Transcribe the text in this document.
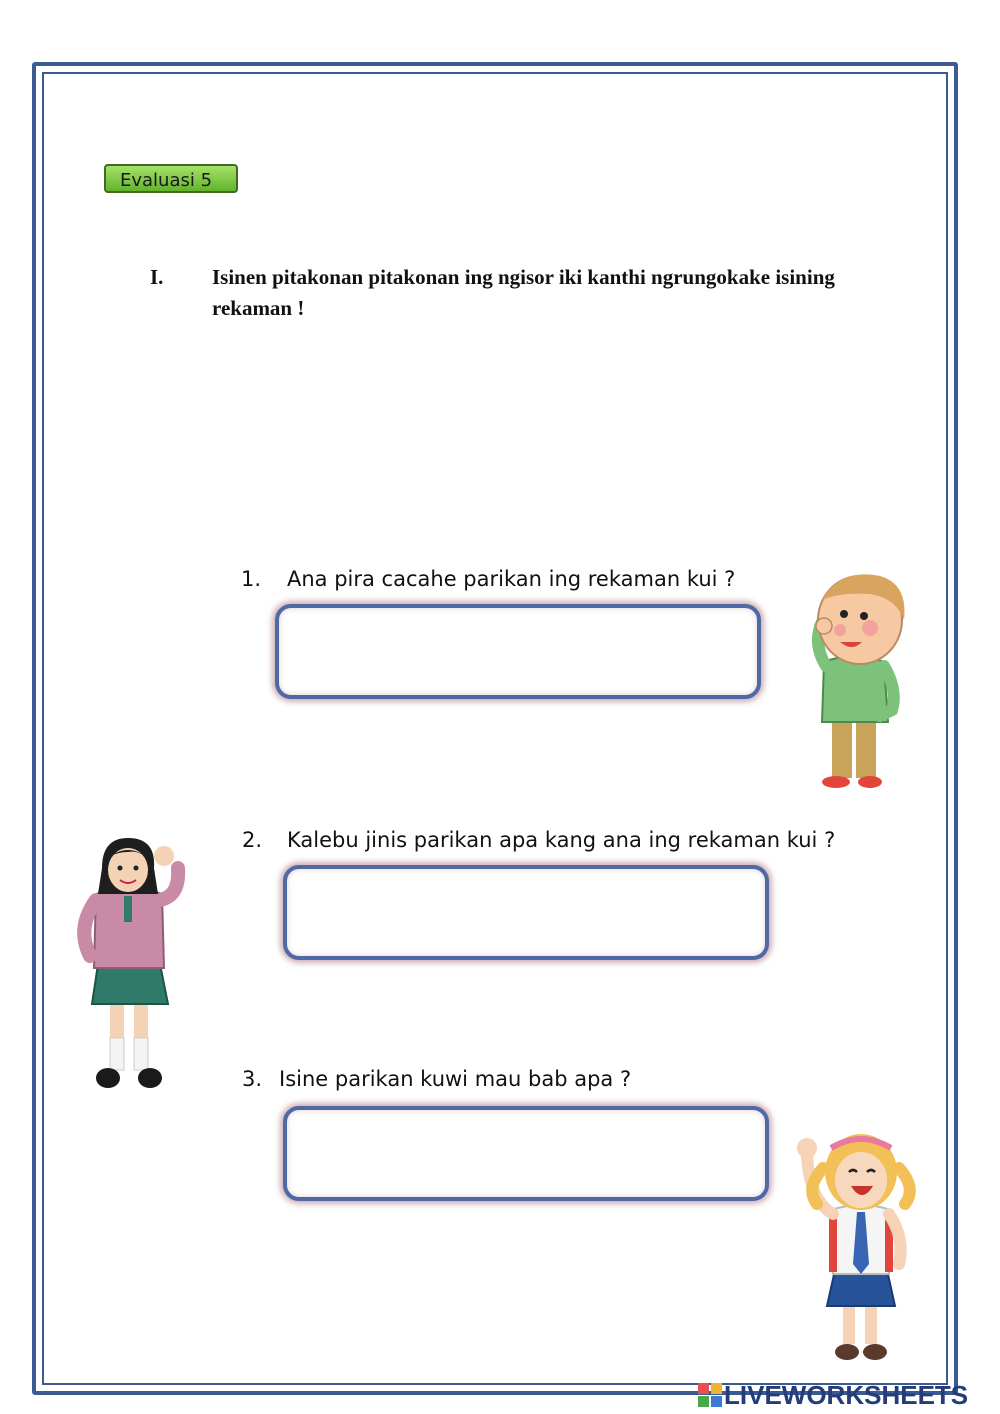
Evaluasi 5
I. Isinen pitakonan pitakonan ing ngisor iki kanthi ngrungokake isining rekaman !
1. Ana pira cacahe parikan ing rekaman kui ?
2. Kalebu jinis parikan apa kang ana ing rekaman kui ?
3. Isine parikan kuwi mau bab apa ?
LIVEWORKSHEETS
